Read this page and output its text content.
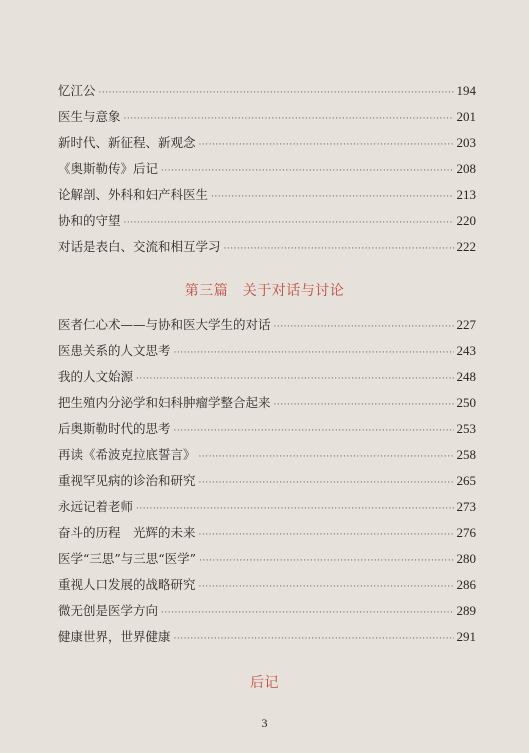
忆江公 ·····	194
医生与意象 ·····	201
新时代、新征程、新观念 ·····	203
《奥斯勒传》后记 ·····	208
论解剖、外科和妇产科医生 ·····	213
协和的守望 ·····	220
对话是表白、交流和相互学习 ·····	222
第三篇　关于对话与讨论
医者仁心术——与协和医大学生的对话 ·····	227
医患关系的人文思考 ·····	243
我的人文始源 ·····	248
把生殖内分泌学和妇科肿瘤学整合起来 ·····	250
后奥斯勒时代的思考 ·····	253
再读《希波克拉底誓言》 ·····	258
重视罕见病的诊治和研究 ·····	265
永远记着老师 ·····	273
奋斗的历程　光辉的未来 ·····	276
医学“三思”与三思“医学” ·····	280
重视人口发展的战略研究 ·····	286
微无创是医学方向 ·····	289
健康世界，世界健康 ·····	291
后记
3
